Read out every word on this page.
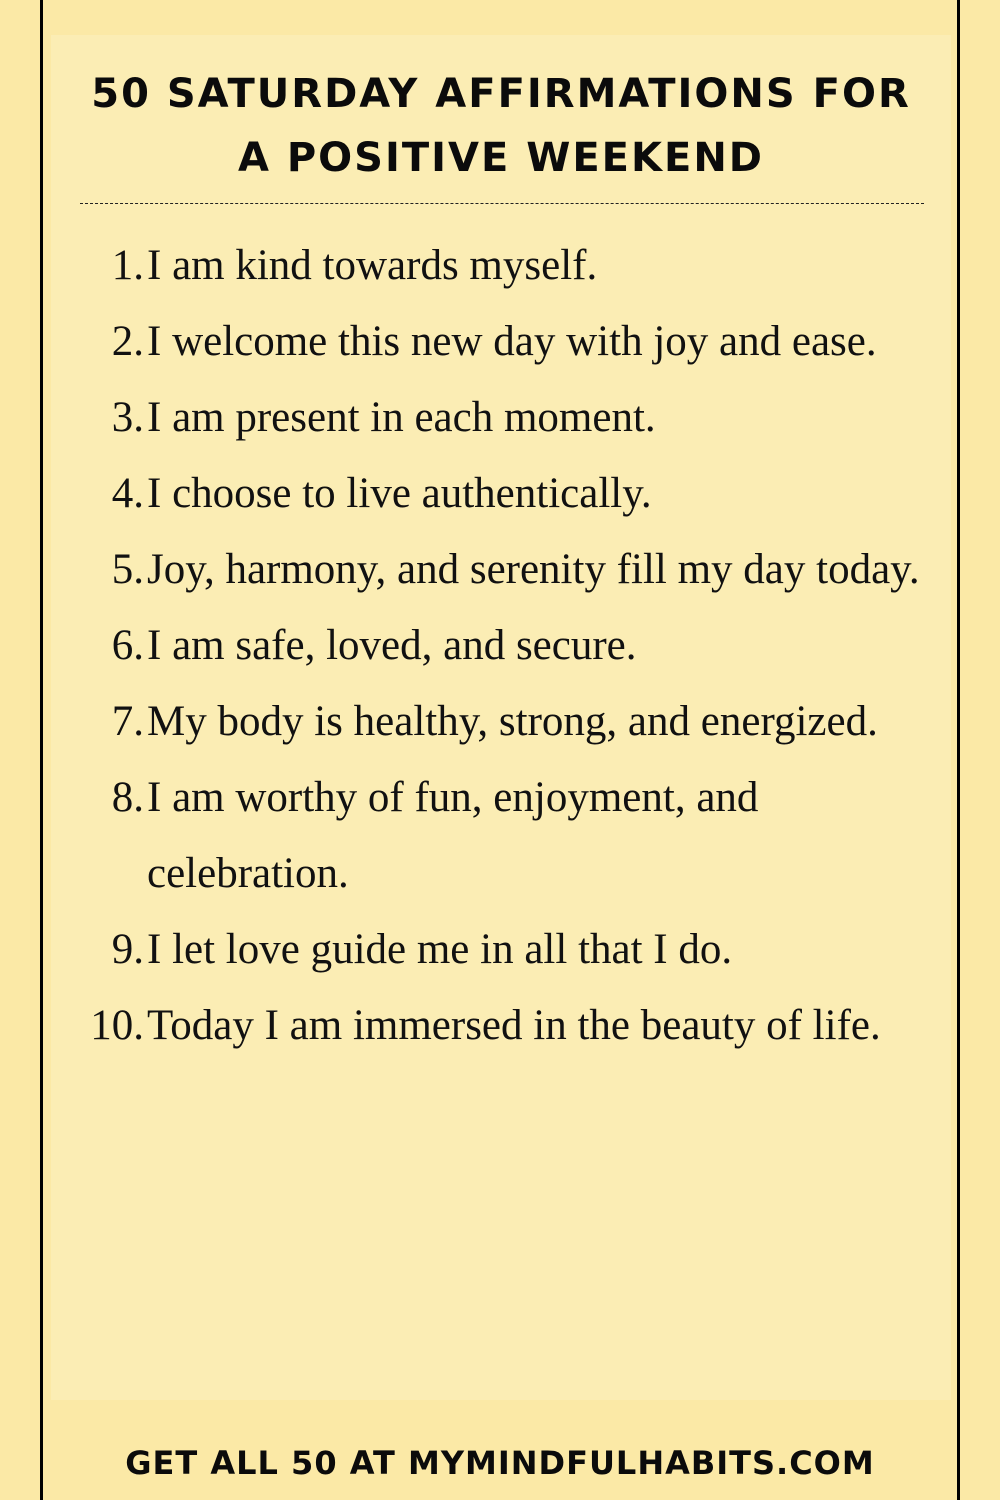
50 SATURDAY AFFIRMATIONS FOR
A POSITIVE WEEKEND
1. I am kind towards myself.
2. I welcome this new day with joy and ease.
3. I am present in each moment.
4. I choose to live authentically.
5. Joy, harmony, and serenity fill my day today.
6. I am safe, loved, and secure.
7. My body is healthy, strong, and energized.
8. I am worthy of fun, enjoyment, and celebration.
9. I let love guide me in all that I do.
10. Today I am immersed in the beauty of life.
GET ALL 50 AT MYMINDFULHABITS.COM
